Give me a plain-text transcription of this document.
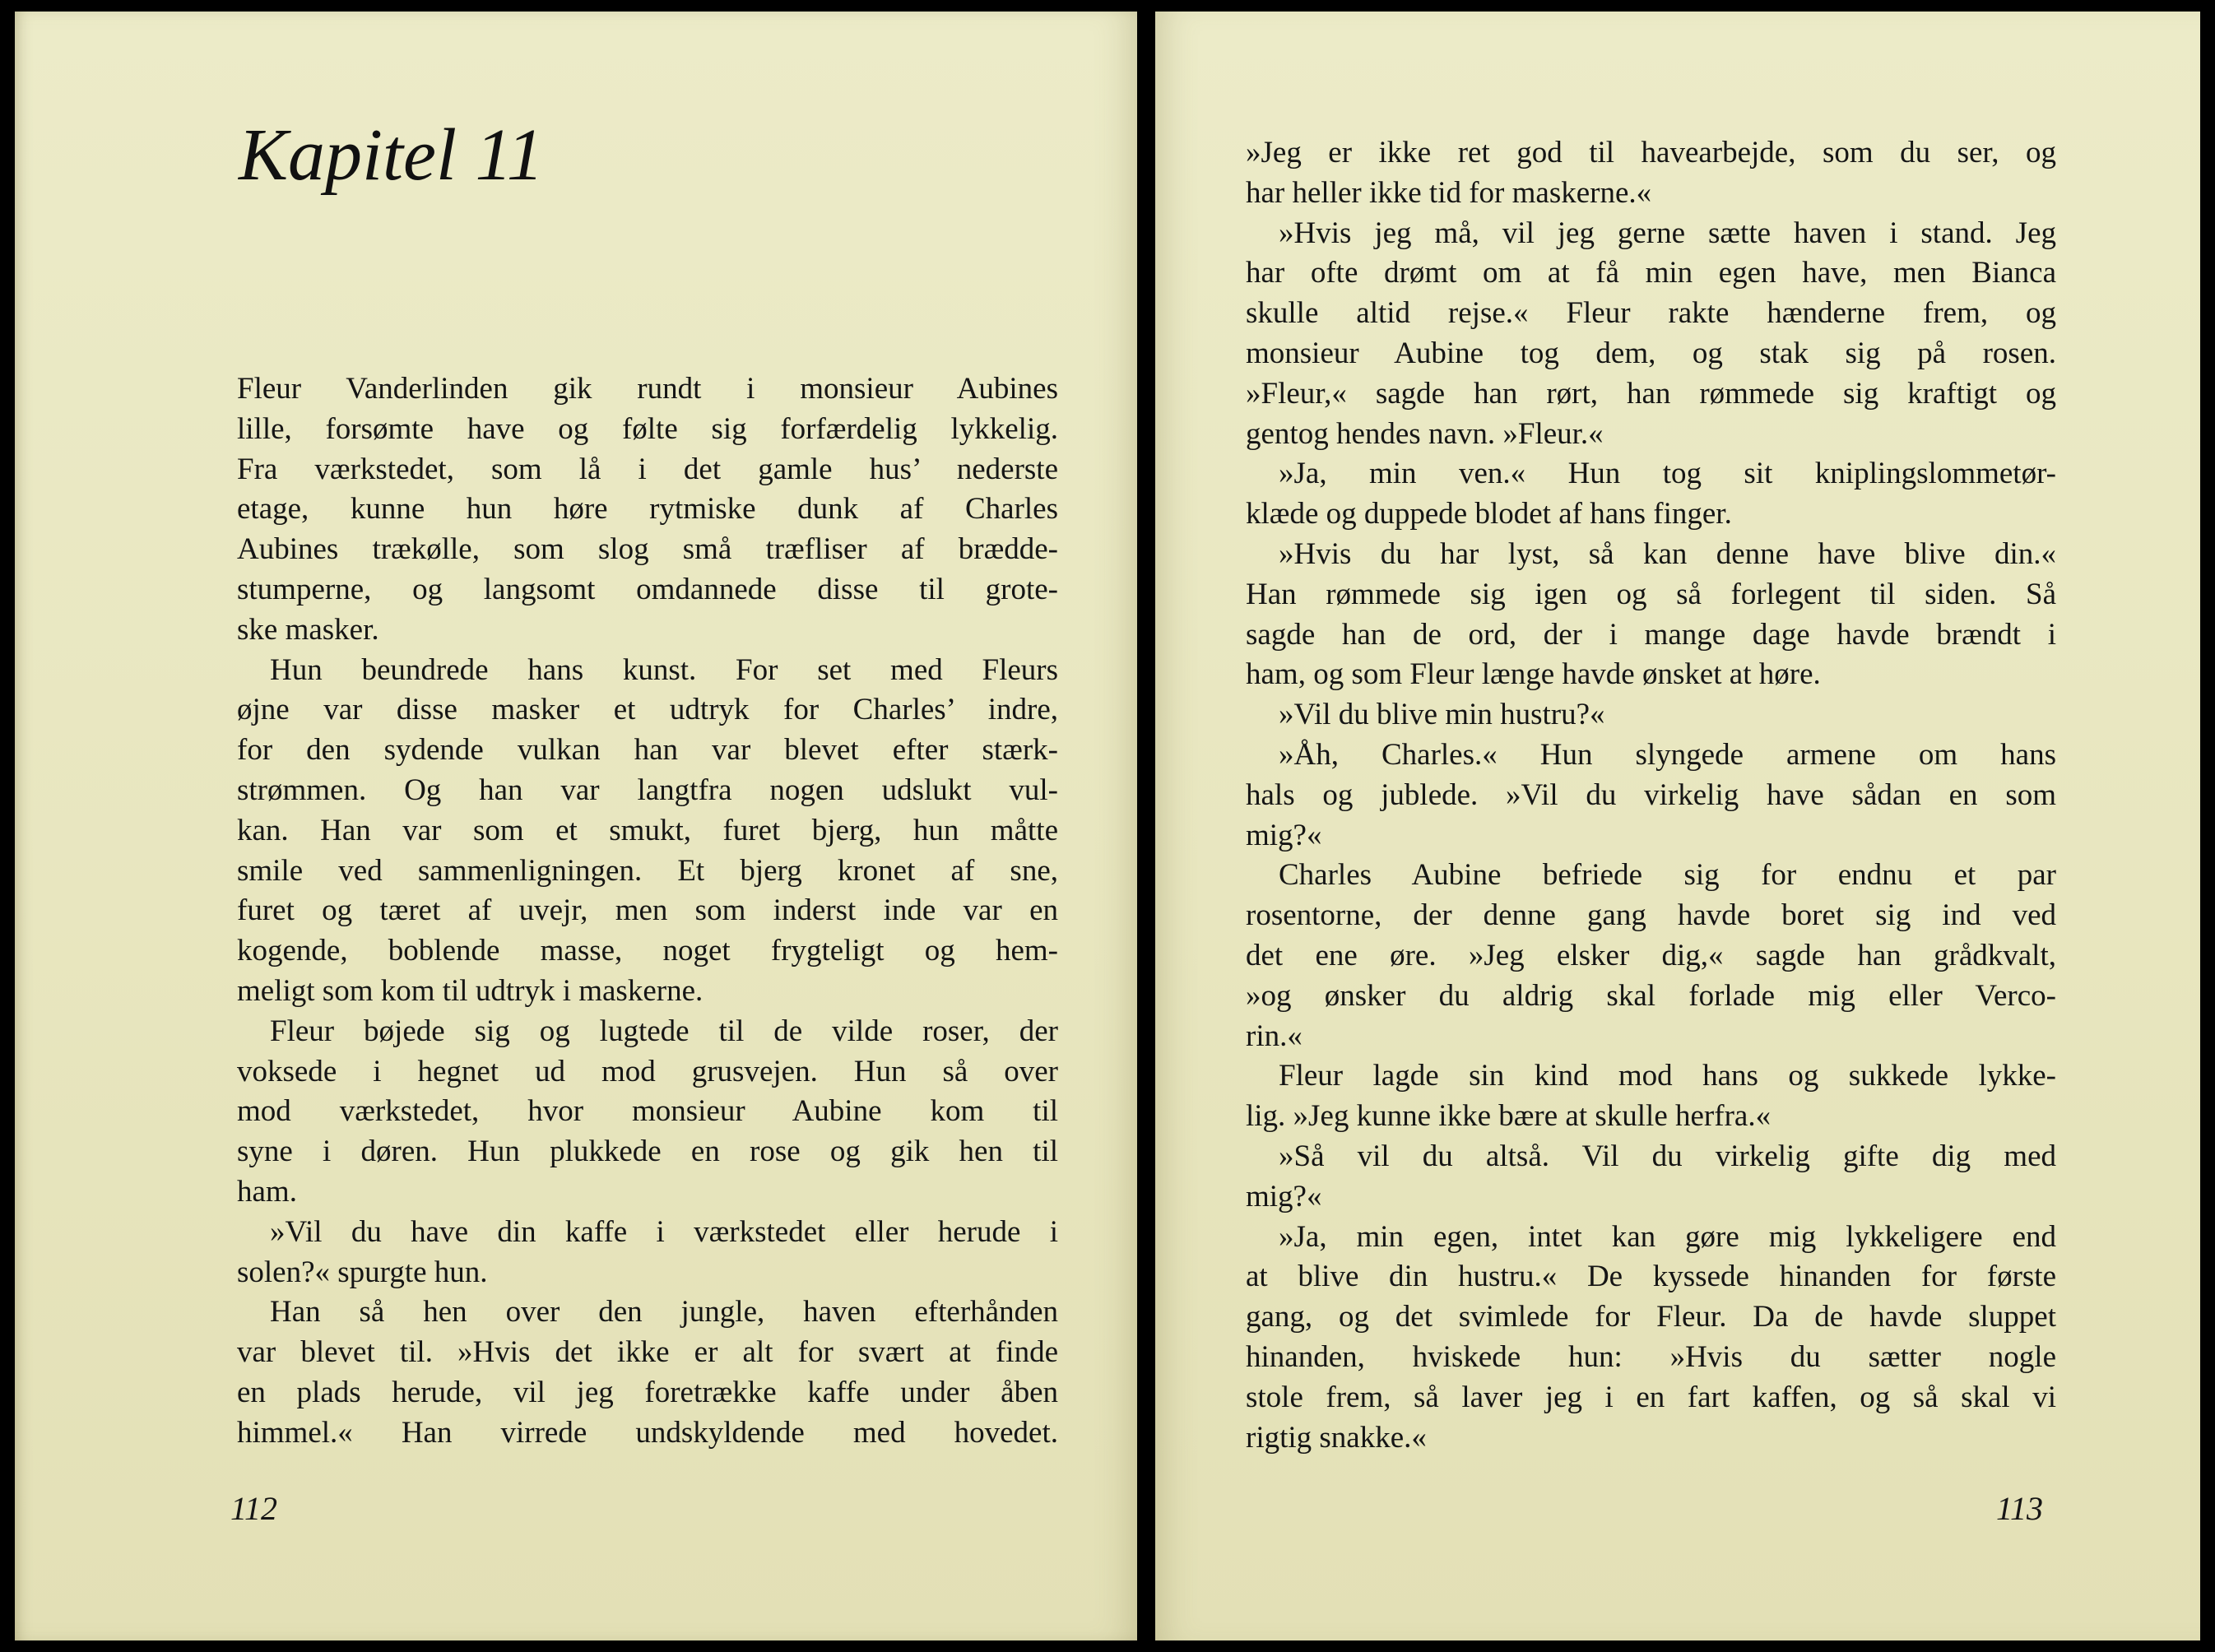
Kapitel 11
Fleur Vanderlinden gik rundt i monsieur Aubines
lille, forsømte have og følte sig forfærdelig lykkelig.
Fra værkstedet, som lå i det gamle hus’ nederste
etage, kunne hun høre rytmiske dunk af Charles
Aubines trækølle, som slog små træfliser af brædde-
stumperne, og langsomt omdannede disse til grote-
ske masker.
Hun beundrede hans kunst. For set med Fleurs
øjne var disse masker et udtryk for Charles’ indre,
for den sydende vulkan han var blevet efter stærk-
strømmen. Og han var langtfra nogen udslukt vul-
kan. Han var som et smukt, furet bjerg, hun måtte
smile ved sammenligningen. Et bjerg kronet af sne,
furet og tæret af uvejr, men som inderst inde var en
kogende, boblende masse, noget frygteligt og hem-
meligt som kom til udtryk i maskerne.
Fleur bøjede sig og lugtede til de vilde roser, der
voksede i hegnet ud mod grusvejen. Hun så over
mod værkstedet, hvor monsieur Aubine kom til
syne i døren. Hun plukkede en rose og gik hen til
ham.
»Vil du have din kaffe i værkstedet eller herude i
solen?« spurgte hun.
Han så hen over den jungle, haven efterhånden
var blevet til. »Hvis det ikke er alt for svært at finde
en plads herude, vil jeg foretrække kaffe under åben
himmel.« Han virrede undskyldende med hovedet.
112
»Jeg er ikke ret god til havearbejde, som du ser, og
har heller ikke tid for maskerne.«
»Hvis jeg må, vil jeg gerne sætte haven i stand. Jeg
har ofte drømt om at få min egen have, men Bianca
skulle altid rejse.« Fleur rakte hænderne frem, og
monsieur Aubine tog dem, og stak sig på rosen.
»Fleur,« sagde han rørt, han rømmede sig kraftigt og
gentog hendes navn. »Fleur.«
»Ja, min ven.« Hun tog sit kniplingslommetør-
klæde og duppede blodet af hans finger.
»Hvis du har lyst, så kan denne have blive din.«
Han rømmede sig igen og så forlegent til siden. Så
sagde han de ord, der i mange dage havde brændt i
ham, og som Fleur længe havde ønsket at høre.
»Vil du blive min hustru?«
»Åh, Charles.« Hun slyngede armene om hans
hals og jublede. »Vil du virkelig have sådan en som
mig?«
Charles Aubine befriede sig for endnu et par
rosentorne, der denne gang havde boret sig ind ved
det ene øre. »Jeg elsker dig,« sagde han grådkvalt,
»og ønsker du aldrig skal forlade mig eller Verco-
rin.«
Fleur lagde sin kind mod hans og sukkede lykke-
lig. »Jeg kunne ikke bære at skulle herfra.«
»Så vil du altså. Vil du virkelig gifte dig med
mig?«
»Ja, min egen, intet kan gøre mig lykkeligere end
at blive din hustru.« De kyssede hinanden for første
gang, og det svimlede for Fleur. Da de havde sluppet
hinanden, hviskede hun: »Hvis du sætter nogle
stole frem, så laver jeg i en fart kaffen, og så skal vi
rigtig snakke.«
113
